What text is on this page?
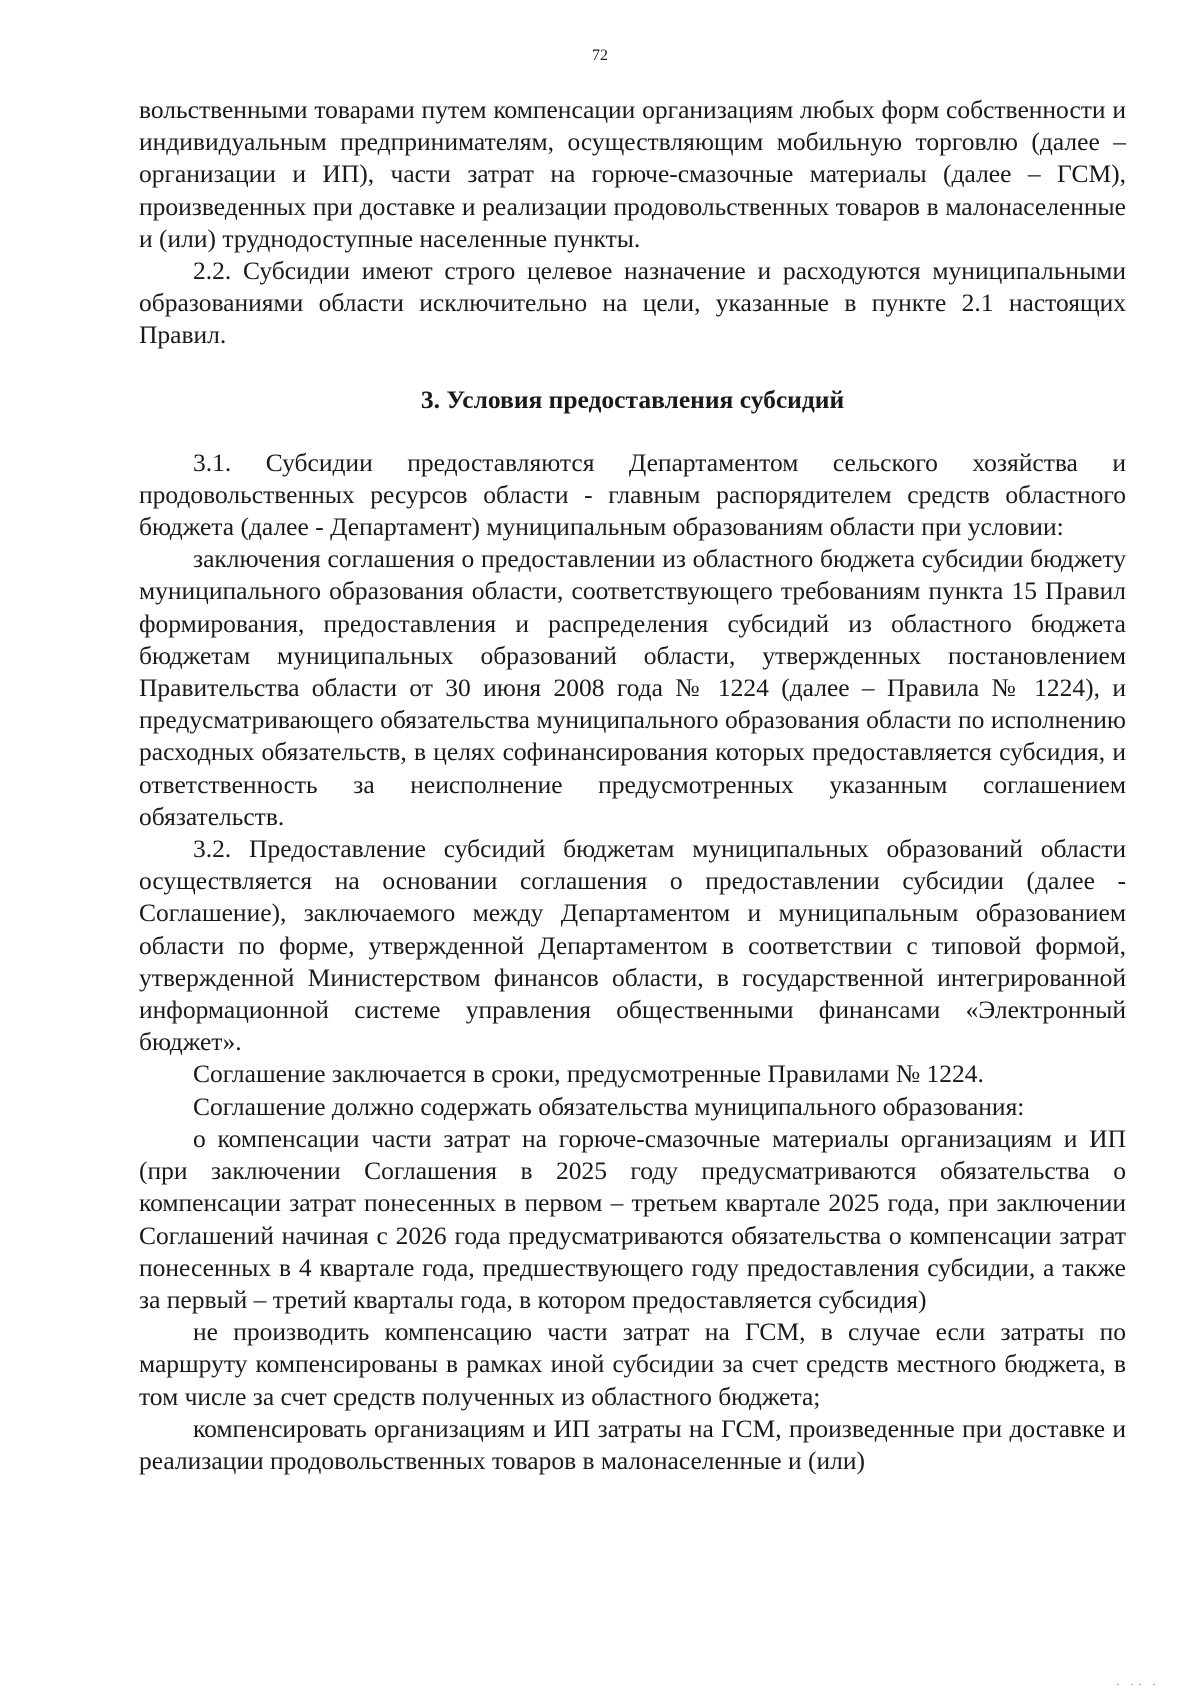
72

вольственными товарами путем компенсации организациям любых форм собственности и индивидуальным предпринимателям, осуществляющим мобильную торговлю (далее – организации и ИП), части затрат на горюче-смазочные материалы (далее – ГСМ), произведенных при доставке и реализации продовольственных товаров в малонаселенные и (или) труднодоступные населенные пункты.

2.2. Субсидии имеют строго целевое назначение и расходуются муниципальными образованиями области исключительно на цели, указанные в пункте 2.1 настоящих Правил.

3. Условия предоставления субсидий

3.1. Субсидии предоставляются Департаментом сельского хозяйства и продовольственных ресурсов области - главным распорядителем средств областного бюджета (далее - Департамент) муниципальным образованиям области при условии:

заключения соглашения о предоставлении из областного бюджета субсидии бюджету муниципального образования области, соответствующего требованиям пункта 15 Правил формирования, предоставления и распределения субсидий из областного бюджета бюджетам муниципальных образований области, утвержденных постановлением Правительства области от 30 июня 2008 года № 1224 (далее – Правила № 1224), и предусматривающего обязательства муниципального образования области по исполнению расходных обязательств, в целях софинансирования которых предоставляется субсидия, и ответственность за неисполнение предусмотренных указанным соглашением обязательств.

3.2. Предоставление субсидий бюджетам муниципальных образований области осуществляется на основании соглашения о предоставлении субсидии (далее - Соглашение), заключаемого между Департаментом и муниципальным образованием области по форме, утвержденной Департаментом в соответствии с типовой формой, утвержденной Министерством финансов области, в государственной интегрированной информационной системе управления общественными финансами «Электронный бюджет».

Соглашение заключается в сроки, предусмотренные Правилами № 1224.

Соглашение должно содержать обязательства муниципального образования:

о компенсации части затрат на горюче-смазочные материалы организациям и ИП (при заключении Соглашения в 2025 году предусматриваются обязательства о компенсации затрат понесенных в первом – третьем квартале 2025 года, при заключении Соглашений начиная с 2026 года предусматриваются обязательства о компенсации затрат понесенных в 4 квартале года, предшествующего году предоставления субсидии, а также за первый – третий кварталы года, в котором предоставляется субсидия)

не производить компенсацию части затрат на ГСМ, в случае если затраты по маршруту компенсированы в рамках иной субсидии за счет средств местного бюджета, в том числе за счет средств полученных из областного бюджета;

компенсировать организациям и ИП затраты на ГСМ, произведенные при доставке и реализации продовольственных товаров в малонаселенные и (или)

· ·· ·
